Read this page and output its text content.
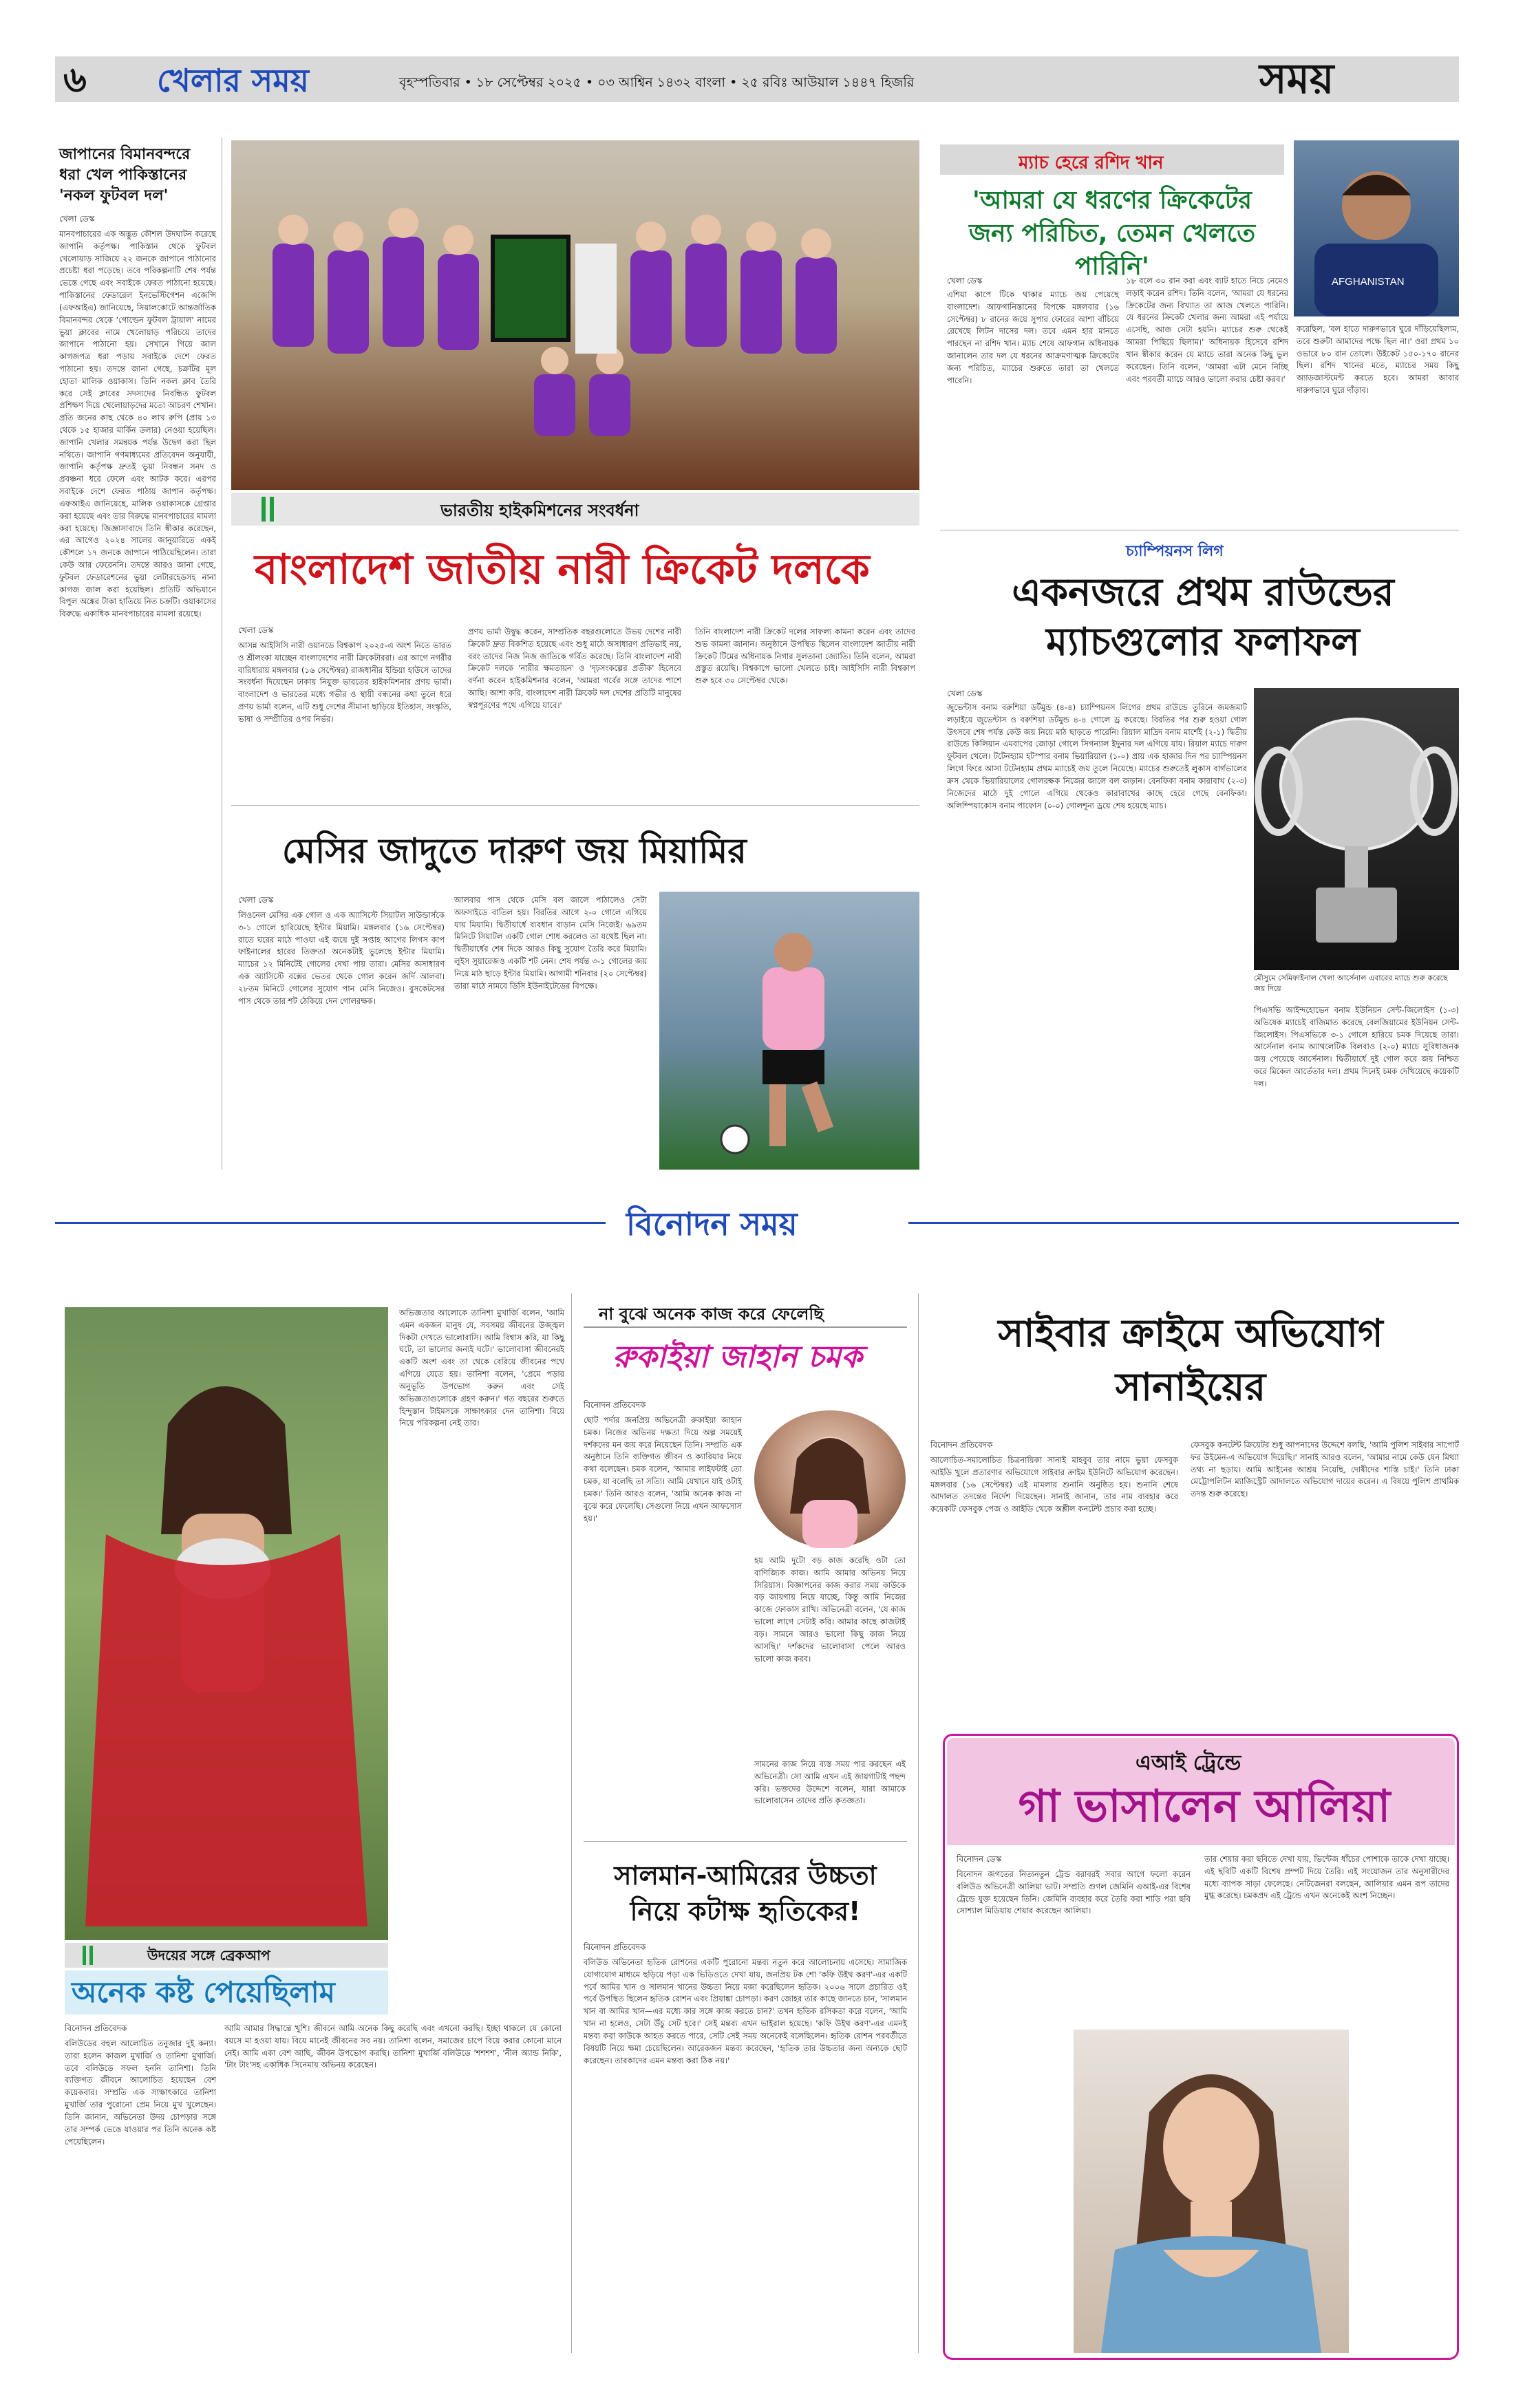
৬ খেলার সময়	বৃহস্পতিবার • ১৮ সেপ্টেম্বর ২০২৫ • ০৩ আশ্বিন ১৪৩২ বাংলা • ২৫ রবিঃ আউয়াল ১৪৪৭ হিজরি	সময়
জাপানের বিমানবন্দরে ধরা খেল পাকিস্তানের 'নকল ফুটবল দল'
খেলা ডেস্ক
মানবপাচারের এক অদ্ভুত কৌশল উদঘাটন করেছে জাপানি কর্তৃপক্ষ। পাকিস্তান থেকে ফুটবল খেলোয়াড় সাজিয়ে ২২ জনকে জাপানে পাঠানোর প্রচেষ্টা ধরা পড়েছে। তবে পরিকল্পনাটি শেষ পর্যন্ত ভেস্তে গেছে এবং সবাইকে ফেরত পাঠানো হয়েছে। পাকিস্তানের ফেডারেল ইনভেস্টিগেশন এজেন্সি (এফআইএ) জানিয়েছে, সিয়ালকোটে আন্তর্জাতিক বিমানবন্দর থেকে 'গোল্ডেন ফুটবল ট্রায়াল' নামের ভুয়া ক্লাবের নামে খেলোয়াড় পরিচয়ে তাদের জাপানে পাঠানো হয়। সেখানে গিয়ে জাল কাগজপত্র ধরা পড়ায় সবাইকে দেশে ফেরত পাঠানো হয়। তদন্তে জানা গেছে, চক্রটির মূল হোতা মালিক ওয়াকাস। তিনি নকল ক্লাব তৈরি করে সেই ক্লাবের সদস্যদের নিবন্ধিত ফুটবল প্রশিক্ষণ দিয়ে খেলোয়াড়দের মতো আচরণ শেখান। প্রতি জনের কাছ থেকে ৪০ লাখ রুপি (প্রায় ১৩ থেকে ১৫ হাজার মার্কিন ডলার) নেওয়া হয়েছিল। জাপানি খেলার সমন্বয়ক পর্যন্ত উদ্বেগ করা ছিল নথিতে। জাপানি গণমাধ্যমের প্রতিবেদন অনুযায়ী, জাপানি কর্তৃপক্ষ দ্রুতই ভুয়া নিবন্ধন সনদ ও প্রবঞ্চনা ধরে ফেলে এবং আটক করে। এরপর সবাইকে দেশে ফেরত পাঠায় জাপান কর্তৃপক্ষ। এফআইএ জানিয়েছে, মালিক ওয়াকাসকে গ্রেপ্তার করা হয়েছে এবং তার বিরুদ্ধে মানবপাচারের মামলা করা হয়েছে। জিজ্ঞাসাবাদে তিনি স্বীকার করেছেন, এর আগেও ২০২৪ সালের জানুয়ারিতে একই কৌশলে ১৭ জনকে জাপানে পাঠিয়েছিলেন। তারা কেউ আর ফেরেননি। তদন্তে আরও জানা গেছে, ফুটবল ফেডারেশনের ভুয়া লেটারহেডসহ নানা কাগজ জাল করা হয়েছিল। প্রতিটি অভিযানে বিপুল অঙ্কের টাকা হাতিয়ে নিত চক্রটি। ওয়াকাসের বিরুদ্ধে একাধিক মানবপাচারের মামলা রয়েছে।
ভারতীয় হাইকমিশনের সংবর্ধনা
বাংলাদেশ জাতীয় নারী ক্রিকেট দলকে
খেলা ডেস্ক
আসন্ন আইসিসি নারী ওয়ানডে বিশ্বকাপ ২০২৫-এ অংশ নিতে ভারত ও শ্রীলংকা যাচ্ছেন বাংলাদেশের নারী ক্রিকেটাররা। এর আগে নগরীর বারিধারায় মঙ্গলবার (১৬ সেপ্টেম্বর) রাজধানীর ইন্ডিয়া হাউসে তাদের সংবর্ধনা দিয়েছেন ঢাকায় নিযুক্ত ভারতের হাইকমিশনার প্রণয় ভার্মা। বাংলাদেশ ও ভারতের মধ্যে গভীর ও স্থায়ী বন্ধনের কথা তুলে ধরে প্রণয় ভার্মা বলেন, এটি শুধু দেশের সীমানা ছাড়িয়ে ইতিহাস, সংস্কৃতি, ভাষা ও সম্প্রীতির ওপর নির্ভর।
প্রণয় ভার্মা উদ্বুদ্ধ করেন, সাম্প্রতিক বছরগুলোতে উভয় দেশের নারী ক্রিকেট দ্রুত বিকশিত হয়েছে এবং শুধু মাঠে অসাধারণ প্রতিভাই নয়, বরং তাদের নিজ নিজ জাতিকে গর্বিত করেছে। তিনি বাংলাদেশ নারী ক্রিকেট দলকে 'নারীর ক্ষমতায়ন' ও 'দৃঢ়সংকল্পের প্রতীক' হিসেবে বর্ণনা করেন হাইকমিশনার বলেন, 'আমরা গর্বের সঙ্গে তাদের পাশে আছি। আশা করি, বাংলাদেশ নারী ক্রিকেট দল দেশের প্রতিটি মানুষের স্বপ্নপূরণের পথে এগিয়ে যাবে।'
তিনি বাংলাদেশ নারী ক্রিকেট দলের সাফল্য কামনা করেন এবং তাদের শুভ কামনা জানান। অনুষ্ঠানে উপস্থিত ছিলেন বাংলাদেশ জাতীয় নারী ক্রিকেট টিমের অধিনায়ক নিগার সুলতানা জ্যোতি। তিনি বলেন, আমরা প্রস্তুত রয়েছি। বিশ্বকাপে ভালো খেলতে চাই। আইসিসি নারী বিশ্বকাপ শুরু হবে ৩০ সেপ্টেম্বর থেকে।
ম্যাচ হেরে রশিদ খান
'আমরা যে ধরণের ক্রিকেটের জন্য পরিচিত, তেমন খেলতে পারিনি'
AFGHANISTAN
খেলা ডেস্ক
এশিয়া কাপে টিকে থাকার ম্যাচে জয় পেয়েছে বাংলাদেশ। আফগানিস্তানের বিপক্ষে মঙ্গলবার (১৬ সেপ্টেম্বর) ৮ রানের জয়ে সুপার ফোরের আশা বাঁচিয়ে রেখেছে লিটন দাসের দল। তবে এমন হার মানতে পারছেন না রশিদ খান। ম্যাচ শেষে আফগান অধিনায়ক জানালেন তার দল যে ধরনের আক্রমণাত্মক ক্রিকেটের জন্য পরিচিত, ম্যাচের শুরুতে তারা তা খেলতে পারেনি।
১৮ বলে ৩০ রান করা এবং ব্যাট হাতে নিচে নেমেও লড়াই করেন রশিদ। তিনি বলেন, 'আমরা যে ধরনের ক্রিকেটের জন্য বিখ্যাত তা আজ খেলতে পারিনি। যে ধরনের ক্রিকেট খেলার জন্য আমরা এই পর্যায়ে এসেছি, আজ সেটা হয়নি। ম্যাচের শুরু থেকেই আমরা পিছিয়ে ছিলাম।' অধিনায়ক হিসেবে রশিদ খান স্বীকার করেন যে ম্যাচে তারা অনেক কিছু ভুল করেছেন। তিনি বলেন, 'আমরা এটা মেনে নিচ্ছি এবং পরবর্তী ম্যাচে আরও ভালো করার চেষ্টা করব।'
করেছিল, 'বল হাতে দারুণভাবে ঘুরে দাঁড়িয়েছিলাম, তবে শুরুটা আমাদের পক্ষে ছিল না।' ওরা প্রথম ১০ ওভারে ৮০ রান তোলে। উইকেট ১৫০-১৭০ রানের ছিল। রশিদ খানের মতে, ম্যাচের সময় কিছু অ্যাডজাস্টমেন্ট করতে হবে। আমরা আবার দারুণভাবে ঘুরে দাঁড়াব।
চ্যাম্পিয়নস লিগ
একনজরে প্রথম রাউন্ডের ম্যাচগুলোর ফলাফল
খেলা ডেস্ক
জুভেন্টাস বনাম বরুশিয়া ডর্টমুন্ড (৪-৪) চ্যাম্পিয়নস লিগের প্রথম রাউন্ডে তুরিনে জমজমাট লড়াইয়ে জুভেন্টাস ও বরুশিয়া ডর্টমুন্ড ৪-৪ গোলে ড্র করেছে। বিরতির পর শুরু হওয়া গোল উৎসবে শেষ পর্যন্ত কেউ জয় নিয়ে মাঠ ছাড়তে পারেনি। রিয়াল মাদ্রিদ বনাম মার্শেই (২-১) দ্বিতীয় রাউন্ডে কিলিয়ান এমবাপের জোড়া গোলে সিগন্যাল ইদুনার দল এগিয়ে যায়। রিয়াল ম্যাচে দারুণ ফুটবল খেলে। টটেনহ্যাম হটস্পার বনাম ভিয়ারিয়াল (১-০) প্রায় এক হাজার দিন পর চ্যাম্পিয়নস লিগে ফিরে আসা টটেনহ্যাম প্রথম ম্যাচেই জয় তুলে নিয়েছে। ম্যাচের শুরুতেই লুকাস বার্গভালের ক্রস থেকে ভিয়ারিয়ালের গোলরক্ষক নিজের জালে বল জড়ান। বেনফিকা বনাম কারাবাখ (২-৩) নিজেদের মাঠে দুই গোলে এগিয়ে থেকেও কারাবাখের কাছে হেরে গেছে বেনফিকা। অলিম্পিয়াকোস বনাম পাফোস (০-০) গোলশূন্য ড্রয়ে শেষ হয়েছে ম্যাচ।
মৌসুমে সেমিফাইনাল খেলা আর্সেনাল এবারের ম্যাচে শুরু করেছে জয় দিয়ে
পিএসভি আইন্দহোভেন বনাম ইউনিয়ন সেন্ট-জিলোইস (১-৩) অভিষেক ম্যাচেই বাজিমাত করেছে বেলজিয়ামের ইউনিয়ন সেন্ট-জিলোইস। পিএসভিকে ৩-১ গোলে হারিয়ে চমক দিয়েছে তারা। আর্সেনাল বনাম অ্যাথলেটিক বিলবাও (২-০) ম্যাচে সুবিধাজনক জয় পেয়েছে আর্সেনাল। দ্বিতীয়ার্ধে দুই গোল করে জয় নিশ্চিত করে মিকেল আর্তেতার দল। প্রথম দিনেই চমক দেখিয়েছে কয়েকটি দল।
মেসির জাদুতে দারুণ জয় মিয়ামির
খেলা ডেস্ক
লিওনেল মেসির এক গোল ও এক অ্যাসিস্টে সিয়াটল সাউন্ডার্সকে ৩-১ গোলে হারিয়েছে ইন্টার মিয়ামি। মঙ্গলবার (১৬ সেপ্টেম্বর) রাতে ঘরের মাঠে পাওয়া এই জয়ে দুই সপ্তাহ আগের লিগস কাপ ফাইনালের হারের তিক্ততা অনেকটাই ভুলেছে ইন্টার মিয়ামি। ম্যাচের ১২ মিনিটেই গোলের দেখা পায় তারা। মেসির অসাধারণ এক অ্যাসিস্টে বক্সের ভেতর থেকে গোল করেন জর্দি আলবা। ২৮তম মিনিটে গোলের সুযোগ পান মেসি নিজেও। বুসকেটসের পাস থেকে তার শট ঠেকিয়ে দেন গোলরক্ষক।
আলবার পাস থেকে মেসি বল জালে পাঠালেও সেটা অফসাইডে বাতিল হয়। বিরতির আগে ২-০ গোলে এগিয়ে যায় মিয়ামি। দ্বিতীয়ার্ধে ব্যবধান বাড়ান মেসি নিজেই। ৬৯তম মিনিটে সিয়াটল একটি গোল শোধ করলেও তা যথেষ্ট ছিল না। দ্বিতীয়ার্ধের শেষ দিকে আরও কিছু সুযোগ তৈরি করে মিয়ামি। লুইস সুয়ারেজও একটি শট নেন। শেষ পর্যন্ত ৩-১ গোলের জয় নিয়ে মাঠ ছাড়ে ইন্টার মিয়ামি। আগামী শনিবার (২০ সেপ্টেম্বর) তারা মাঠে নামবে ডিসি ইউনাইটেডের বিপক্ষে।
বিনোদন সময়
উদয়ের সঙ্গে ব্রেকআপ
অনেক কষ্ট পেয়েছিলাম
বিনোদন প্রতিবেদক
বলিউডের বহুল আলোচিত তনুজার দুই কন্যা। তারা হলেন কাজল মুখার্জি ও তানিশা মুখার্জি। তবে বলিউডে সফল হননি তানিশা। তিনি ব্যক্তিগত জীবনে আলোচিত হয়েছেন বেশ কয়েকবার। সম্প্রতি এক সাক্ষাৎকারে তানিশা মুখার্জি তার পুরোনো প্রেম নিয়ে মুখ খুলেছেন। তিনি জানান, অভিনেতা উদয় চোপড়ার সঙ্গে তার সম্পর্ক ভেঙে যাওয়ার পর তিনি অনেক কষ্ট পেয়েছিলেন।
অভিজ্ঞতার আলোকে তানিশা মুখার্জি বলেন, 'আমি এমন একজন মানুষ যে, সবসময় জীবনের উজ্জ্বল দিকটা দেখতে ভালোবাসি। আমি বিশ্বাস করি, যা কিছু ঘটে, তা ভালোর জন্যই ঘটে।' ভালোবাসা জীবনেরই একটি অংশ এবং তা থেকে বেরিয়ে জীবনের পথে এগিয়ে যেতে হয়। তানিশা বলেন, 'প্রেমে পড়ার অনুভূতি উপভোগ করুন এবং সেই অভিজ্ঞতাগুলোকে গ্রহণ করুন।' গত বছরের শুরুতে হিন্দুস্তান টাইমসকে সাক্ষাৎকার দেন তানিশা। বিয়ে নিয়ে পরিকল্পনা নেই তার।
আমি আমার সিদ্ধান্তে খুশি। জীবনে আমি অনেক কিছু করেছি এবং এখনো করছি। ইচ্ছা থাকলে যে কোনো বয়সে মা হওয়া যায়। বিয়ে মানেই জীবনের সব নয়। তানিশা বলেন, সমাজের চাপে বিয়ে করার কোনো মানে নেই। আমি একা বেশ আছি, জীবন উপভোগ করছি। তানিশা মুখার্জি বলিউডে 'শশশশ', 'নীল অ্যান্ড নিকি', 'টাং টাং'সহ একাধিক সিনেমায় অভিনয় করেছেন।
না বুঝে অনেক কাজ করে ফেলেছি
রুকাইয়া জাহান চমক
বিনোদন প্রতিবেদক
ছোট পর্দার জনপ্রিয় অভিনেত্রী রুকাইয়া জাহান চমক। নিজের অভিনয় দক্ষতা দিয়ে অল্প সময়েই দর্শকদের মন জয় করে নিয়েছেন তিনি। সম্প্রতি এক অনুষ্ঠানে তিনি ব্যক্তিগত জীবন ও ক্যারিয়ার নিয়ে কথা বলেছেন। চমক বলেন, 'আমার লাইফটাই তো চমক, যা বলেছি তা সত্যি। আমি যেখানে যাই ওটাই চমক।' তিনি আরও বলেন, 'আমি অনেক কাজ না বুঝে করে ফেলেছি। সেগুলো নিয়ে এখন আফসোস হয়।'
হয় আমি দুটো বড় কাজ করেছি ওটা তো বাণিজ্যিক কাজ। আমি আমার অভিনয় নিয়ে সিরিয়াস। বিজ্ঞাপনের কাজ করার সময় কাউকে বড় জায়গায় নিয়ে যাচ্ছে, কিন্তু আমি নিজের কাজে ফোকাস রাখি। অভিনেত্রী বলেন, 'যে কাজ ভালো লাগে সেটাই করি। আমার কাছে কাজটাই বড়। সামনে আরও ভালো কিছু কাজ নিয়ে আসছি।' দর্শকদের ভালোবাসা পেলে আরও ভালো কাজ করব।
সামনের কাজ নিয়ে ব্যস্ত সময় পার করছেন এই অভিনেত্রী। সো আমি এখন এই জায়গাটাই পছন্দ করি। ভক্তদের উদ্দেশে বলেন, যারা আমাকে ভালোবাসেন তাদের প্রতি কৃতজ্ঞতা।
সালমান-আমিরের উচ্চতা নিয়ে কটাক্ষ হৃতিকের!
বিনোদন প্রতিবেদক
বলিউড অভিনেতা হৃতিক রোশনের একটি পুরোনো মন্তব্য নতুন করে আলোচনায় এসেছে। সামাজিক যোগাযোগ মাধ্যমে ছড়িয়ে পড়া এক ভিডিওতে দেখা যায়, জনপ্রিয় টক শো 'কফি উইথ করণ'-এর একটি পর্বে আমির খান ও সালমান খানের উচ্চতা নিয়ে মজা করেছিলেন হৃতিক। ২০০৬ সালে প্রচারিত ওই পর্বে উপস্থিত ছিলেন হৃতিক রোশন এবং প্রিয়াঙ্কা চোপড়া। করণ জোহর তার কাছে জানতে চান, 'সালমান খান বা আমির খান—এর মধ্যে কার সঙ্গে কাজ করতে চান?' তখন হৃতিক রসিকতা করে বলেন, 'আমি খান না হলেও, সেটা উঁচু সেট হবে।' সেই মন্তব্য এখন ভাইরাল হয়েছে। 'কফি উইথ করণ'-এর এমনই মন্তব্য করা কাউকে আহত করতে পারে, সেটি সেই সময় অনেকেই বলেছিলেন। হৃতিক রোশন পরবর্তীতে বিষয়টি নিয়ে ক্ষমা চেয়েছিলেন। আরেকজন মন্তব্য করেছেন, 'হৃতিক তার উচ্চতার জন্য অন্যকে ছোট করেছেন। তারকাদের এমন মন্তব্য করা ঠিক নয়।'
সাইবার ক্রাইমে অভিযোগ সানাইয়ের
বিনোদন প্রতিবেদক
আলোচিত-সমালোচিত চিত্রনায়িকা সানাই মাহবুব তার নামে ভুয়া ফেসবুক আইডি খুলে প্রতারণার অভিযোগে সাইবার ক্রাইম ইউনিটে অভিযোগ করেছেন। মঙ্গলবার (১৬ সেপ্টেম্বর) এই মামলার শুনানি অনুষ্ঠিত হয়। শুনানি শেষে আদালত তদন্তের নির্দেশ দিয়েছেন। সানাই জানান, তার নাম ব্যবহার করে কয়েকটি ফেসবুক পেজ ও আইডি থেকে অশ্লীল কনটেন্ট প্রচার করা হচ্ছে।
ফেসবুক কনটেন্ট ক্রিয়েটর শুধু আপনাদের উদ্দেশে বলছি, 'আমি পুলিশ সাইবার সাপোর্ট ফর উইমেন-এ অভিযোগ দিয়েছি।' সানাই আরও বলেন, 'আমার নামে কেউ যেন মিথ্যা তথ্য না ছড়ায়। আমি আইনের আশ্রয় নিয়েছি, দোষীদের শাস্তি চাই।' তিনি ঢাকা মেট্রোপলিটন ম্যাজিস্ট্রেট আদালতে অভিযোগ দায়ের করেন। এ বিষয়ে পুলিশ প্রাথমিক তদন্ত শুরু করেছে।
এআই ট্রেন্ডে
গা ভাসালেন আলিয়া
বিনোদন ডেস্ক
বিনোদন জগতের নিত্যনতুন ট্রেন্ড বরাবরই সবার আগে ফলো করেন বলিউড অভিনেত্রী আলিয়া ভাট। সম্প্রতি গুগল জেমিনি এআই-এর বিশেষ ট্রেন্ডে যুক্ত হয়েছেন তিনি। জেমিনি ব্যবহার করে তৈরি করা শাড়ি পরা ছবি সোশ্যাল মিডিয়ায় শেয়ার করেছেন আলিয়া।
তার শেয়ার করা ছবিতে দেখা যায়, ভিন্টেজ ধাঁচের পোশাকে তাকে দেখা যাচ্ছে। এই ছবিটি একটি বিশেষ প্রম্পট দিয়ে তৈরি। এই সংযোজন তার অনুসারীদের মধ্যে ব্যাপক সাড়া ফেলেছে। নেটিজেনরা বলছেন, আলিয়ার এমন রূপ তাদের মুগ্ধ করেছে। চমকপ্রদ এই ট্রেন্ডে এখন অনেকেই অংশ নিচ্ছেন।
